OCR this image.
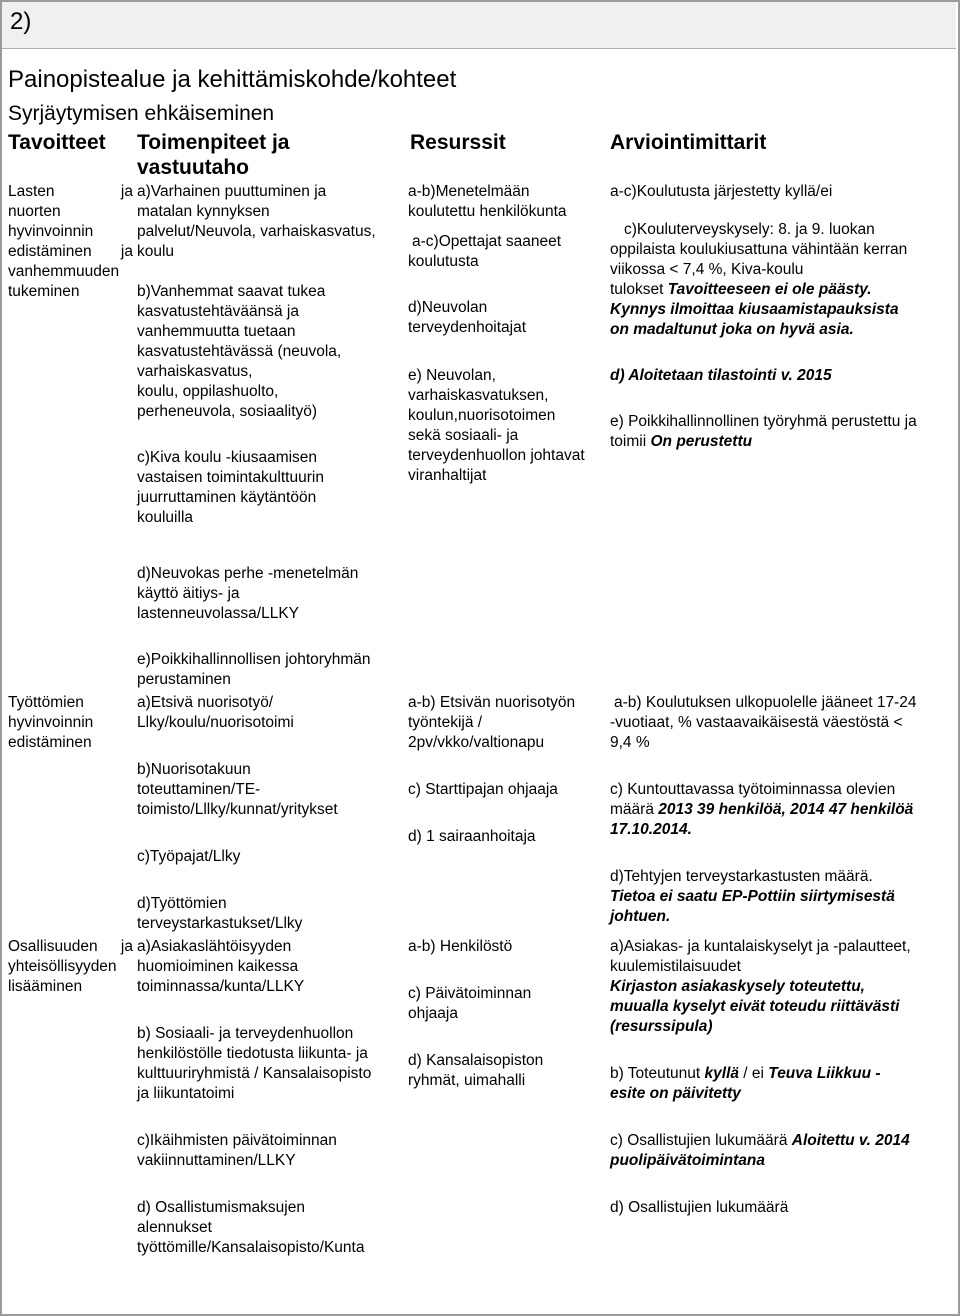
2)
Painopistealue ja kehittämiskohde/kohteet
Syrjäytymisen ehkäiseminen
Tavoitteet Toimenpiteet ja vastuutaho
Resurssit	Arviointimittarit
Lasten ja
nuorten
hyvinvoinnin
edistäminen ja
vanhemmuuden
tukeminen
a)Varhainen puuttuminen ja
matalan kynnyksen
palvelut/Neuvola, varhaiskasvatus,
koulu
b)Vanhemmat saavat tukea
kasvatustehtäväänsä ja
vanhemmuutta tuetaan
kasvatustehtävässä (neuvola,
varhaiskasvatus,
koulu, oppilashuolto,
perheneuvola, sosiaalityö)
c)Kiva koulu -kiusaamisen
vastaisen toimintakulttuurin
juurruttaminen käytäntöön
kouluilla
d)Neuvokas perhe -menetelmän
käyttö äitiys- ja
lastenneuvolassa/LLKY
e)Poikkihallinnollisen johtoryhmän
perustaminen
a-b)Menetelmään
koulutettu henkilökunta
a-c)Opettajat saaneet
koulutusta
d)Neuvolan
terveydenhoitajat
e) Neuvolan,
varhaiskasvatuksen,
koulun,nuorisotoimen
sekä sosiaali- ja
terveydenhuollon johtavat
viranhaltijat
a-c)Koulutusta järjestetty kyllä/ei
c)Kouluterveyskysely: 8. ja 9. luokan
oppilaista koulukiusattuna vähintään kerran
viikossa < 7,4 %, Kiva-koulu
tulokset Tavoitteeseen ei ole päästy.
Kynnys ilmoittaa kiusaamistapauksista
on madaltunut joka on hyvä asia.
d) Aloitetaan tilastointi v. 2015
e) Poikkihallinnollinen työryhmä perustettu ja
toimii On perustettu
Työttömien
hyvinvoinnin
edistäminen
a)Etsivä nuorisotyö/
Llky/koulu/nuorisotoimi
b)Nuorisotakuun
toteuttaminen/TE-
toimisto/Lllky/kunnat/yritykset
c)Työpajat/Llky
d)Työttömien
terveystarkastukset/Llky
a-b) Etsivän nuorisotyön
työntekijä /
2pv/vkko/valtionapu
c) Starttipajan ohjaaja
d) 1 sairaanhoitaja
a-b) Koulutuksen ulkopuolelle jääneet 17-24
-vuotiaat, % vastaavaikäisestä väestöstä <
9,4 %
c) Kuntouttavassa työtoiminnassa olevien
määrä 2013 39 henkilöä, 2014 47 henkilöä
17.10.2014.
d)Tehtyjen terveystarkastusten määrä.
Tietoa ei saatu EP-Pottiin siirtymisestä
johtuen.
Osallisuuden ja
yhteisöllisyyden
lisääminen
a)Asiakaslähtöisyyden
huomioiminen kaikessa
toiminnassa/kunta/LLKY
b) Sosiaali- ja terveydenhuollon
henkilöstölle tiedotusta liikunta- ja
kulttuuriryhmistä / Kansalaisopisto
ja liikuntatoimi
c)Ikäihmisten päivätoiminnan
vakiinnuttaminen/LLKY
d) Osallistumismaksujen
alennukset
työttömille/Kansalaisopisto/Kunta
a-b) Henkilöstö
c) Päivätoiminnan
ohjaaja
d) Kansalaisopiston
ryhmät, uimahalli
a)Asiakas- ja kuntalaiskyselyt ja -palautteet,
kuulemistilaisuudet
Kirjaston asiakaskysely toteutettu,
muualla kyselyt eivät toteudu riittävästi
(resurssipula)
b) Toteutunut kyllä / ei Teuva Liikkuu -
esite on päivitetty
c) Osallistujien lukumäärä Aloitettu v. 2014
puolipäivätoimintana
d) Osallistujien lukumäärä
